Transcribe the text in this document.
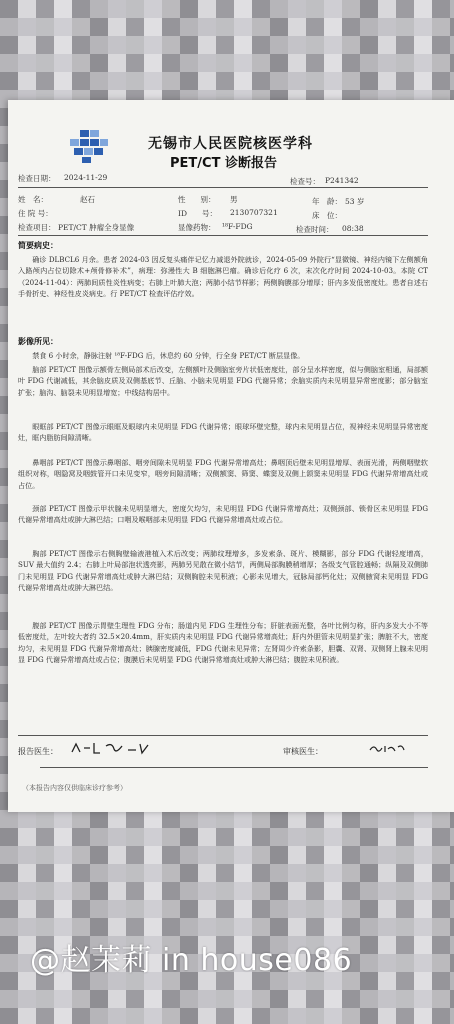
无锡市人民医院核医学科
PET/CT 诊断报告
检查日期： 2024-11-29	检查号： P241342
姓　名：	赵石	性　　别： 男	年　龄： 53 岁
住 院 号：	ID　　号： 2130707321	床　位：
检查项目： PET/CT 肿瘤全身显像	显像药物： ¹⁸F-FDG	检查时间： 08:38
简要病史：

确诊 DLBCL6 月余。患者 2024-03 因反复头痛伴记忆力减退外院就诊，2024-05-09 外院行“显微镜、神经内镜下左侧额角入路颅内占位切除术+颅骨修补术”，病理：弥漫性大 B 细胞淋巴瘤。确诊后化疗 6 次，末次化疗时间 2024-10-03。本院 CT（2024-11-04）：两肺间质性炎性病变；右肺上叶肺大泡；两肺小结节样影；两侧胸膜部分增厚；肝内多发低密度灶。患者自述右手骨折史、神经性皮炎病史。行 PET/CT 检查评估疗效。

影像所见：

禁食 6 小时余，静脉注射 ¹⁸F-FDG 后，休息约 60 分钟，行全身 PET/CT 断层显像。

脑部 PET/CT 图像示额骨左侧局部术后改变，左侧额叶及侧脑室旁片状低密度灶，部分呈水样密度，似与侧脑室相通，局部额叶 FDG 代谢减低，其余脑皮质及双侧基底节、丘脑、小脑未见明显 FDG 代谢异常；余脑实质内未见明显异常密度影；部分脑室扩张；脑沟、脑裂未见明显增宽；中线结构居中。

眼眶部 PET/CT 图像示眼眶及眼球内未见明显 FDG 代谢异常；眼球环壁完整，球内未见明显占位，视神经未见明显异常密度灶，眶内脂肪间隙清晰。

鼻咽部 PET/CT 图像示鼻咽部、咽旁间隙未见明显 FDG 代谢异常增高灶；鼻咽顶后壁未见明显增厚、表面光滑，两侧咽壁软组织对称，咽隐窝及咽鼓管开口未见变窄，咽旁间隙清晰；双侧额窦、筛窦、蝶窦及双侧上颌窦未见明显 FDG 代谢异常增高灶或占位。

颈部 PET/CT 图像示甲状腺未见明显增大，密度欠均匀，未见明显 FDG 代谢异常增高灶；双侧颈部、锁骨区未见明显 FDG 代谢异常增高灶或肿大淋巴结；口咽及喉咽部未见明显 FDG 代谢异常增高灶或占位。

胸部 PET/CT 图像示右侧胸壁输液港植入术后改变；两肺纹理增多，多发索条、斑片、模糊影，部分 FDG 代谢轻度增高，SUV 最大值约 2.4；右肺上叶局部泡状透亮影，两肺另见散在微小结节，两侧局部胸膜稍增厚；各级支气管腔通畅；纵隔及双侧肺门未见明显 FDG 代谢异常增高灶或肿大淋巴结；双侧胸腔未见积液；心影未见增大，冠脉局部钙化灶；双侧腋窝未见明显 FDG 代谢异常增高灶或肿大淋巴结。

腹部 PET/CT 图像示胃壁生理性 FDG 分布；肠道内见 FDG 生理性分布；肝脏表面光整，各叶比例匀称，肝内多发大小不等低密度灶，左叶较大者约 32.5×20.4mm，肝实质内未见明显 FDG 代谢异常增高灶；肝内外胆管未见明显扩张；脾脏不大，密度均匀，未见明显 FDG 代谢异常增高灶；胰腺密度减低，FDG 代谢未见异常；左肾周少许索条影，胆囊、双肾、双侧肾上腺未见明显 FDG 代谢异常增高灶或占位；腹膜后未见明显 FDG 代谢异常增高灶或肿大淋巴结；腹腔未见积液。

报告医生：	审核医生：
（本报告内容仅供临床诊疗参考）
@赵茉莉 in house086
